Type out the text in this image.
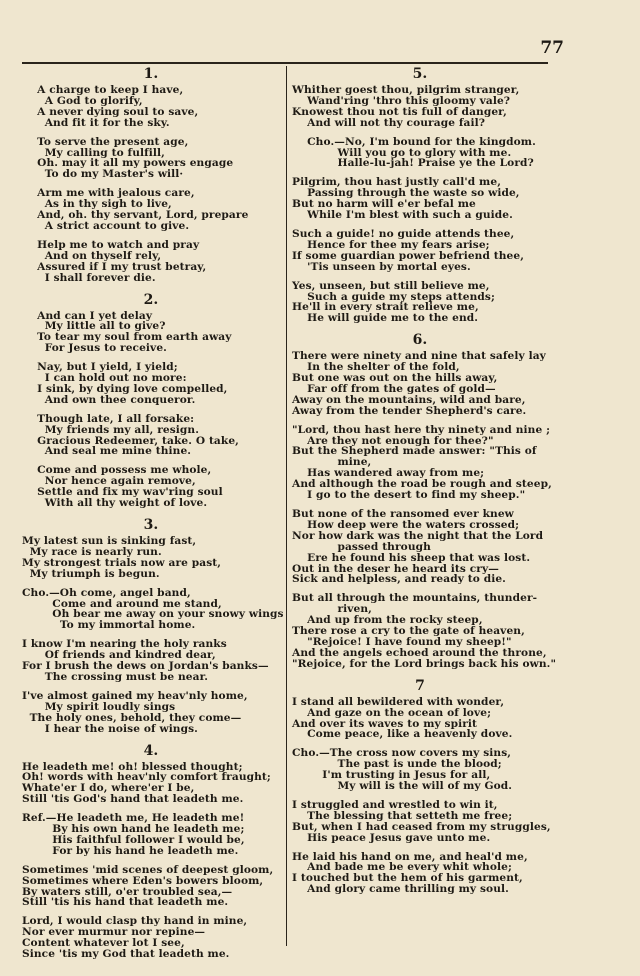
77
1.
A charge to keep I have,
A God to glorify,
A never dying soul to save,
And fit it for the sky.
To serve the present age,
My calling to fulfill,
Oh. may it all my powers engage
To do my Master's will·
Arm me with jealous care,
As in thy sigh to live,
And, oh. thy servant, Lord, prepare
A strict account to give.
Help me to watch and pray
And on thyself rely,
Assured if I my trust betray,
I shall forever die.
2.
And can I yet delay
My little all to give?
To tear my soul from earth away
For Jesus to receive.
Nay, but I yield, I yield;
I can hold out no more:
I sink, by dying love compelled,
And own thee conqueror.
Though late, I all forsake:
My friends my all, resign.
Gracious Redeemer, take. O take,
And seal me mine thine.
Come and possess me whole,
Nor hence again remove,
Settle and fix my wav'ring soul
With all thy weight of love.
3.
My latest sun is sinking fast,
My race is nearly run.
My strongest trials now are past,
My triumph is begun.
Cho.—Oh come, angel band,
Come and around me stand,
Oh bear me away on your snowy wings
To my immortal home.
I know I'm nearing the holy ranks
Of friends and kindred dear,
For I brush the dews on Jordan's banks—
The crossing must be near.
I've almost gained my heav'nly home,
My spirit loudly sings
The holy ones, behold, they come—
I hear the noise of wings.
4.
He leadeth me! oh! blessed thought;
Oh! words with heav'nly comfort fraught;
Whate'er I do, where'er I be,
Still 'tis God's hand that leadeth me.
Ref.—He leadeth me, He leadeth me!
By his own hand he leadeth me;
His faithful follower I would be,
For by his hand he leadeth me.
Sometimes 'mid scenes of deepest gloom,
Sometimes where Eden's bowers bloom,
By waters still, o'er troubled sea,—
Still 'tis his hand that leadeth me.
Lord, I would clasp thy hand in mine,
Nor ever murmur nor repine—
Content whatever lot I see,
Since 'tis my God that leadeth me.
5.
Whither goest thou, pilgrim stranger,
Wand'ring 'thro this gloomy vale?
Knowest thou not tis full of danger,
And will not thy courage fail?
Cho.—No, I'm bound for the kingdom.
Will you go to glory with me.
Halle-lu-jah! Praise ye the Lord?
Pilgrim, thou hast justly call'd me,
Passing through the waste so wide,
But no harm will e'er befal me
While I'm blest with such a guide.
Such a guide! no guide attends thee,
Hence for thee my fears arise;
If some guardian power befriend thee,
'Tis unseen by mortal eyes.
Yes, unseen, but still believe me,
Such a guide my steps attends;
He'll in every strait relieve me,
He will guide me to the end.
6.
There were ninety and nine that safely lay
In the shelter of the fold,
But one was out on the hills away,
Far off from the gates of gold—
Away on the mountains, wild and bare,
Away from the tender Shepherd's care.
"Lord, thou hast here thy ninety and nine ;
Are they not enough for thee?"
But the Shepherd made answer: "This of
mine,
Has wandered away from me;
And although the road be rough and steep,
I go to the desert to find my sheep."
But none of the ransomed ever knew
How deep were the waters crossed;
Nor how dark was the night that the Lord
passed through
Ere he found his sheep that was lost.
Out in the deser he heard its cry—
Sick and helpless, and ready to die.
But all through the mountains, thunder-
riven,
And up from the rocky steep,
There rose a cry to the gate of heaven,
"Rejoice! I have found my sheep!"
And the angels echoed around the throne,
"Rejoice, for the Lord brings back his own."
7
I stand all bewildered with wonder,
And gaze on the ocean of love;
And over its waves to my spirit
Come peace, like a heavenly dove.
Cho.—The cross now covers my sins,
The past is unde the blood;
I'm trusting in Jesus for all,
My will is the will of my God.
I struggled and wrestled to win it,
The blessing that setteth me free;
But, when I had ceased from my struggles,
His peace Jesus gave unto me.
He laid his hand on me, and heal'd me,
And bade me be every whit whole;
I touched but the hem of his garment,
And glory came thrilling my soul.
